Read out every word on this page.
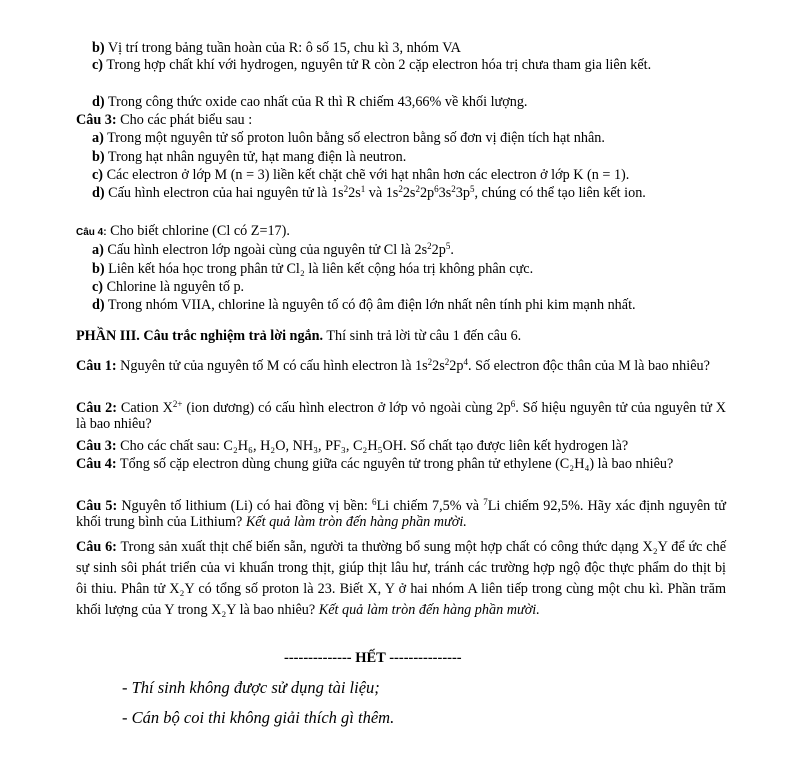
b) Vị trí trong bảng tuần hoàn của R: ô số 15, chu kì 3, nhóm VA
c) Trong hợp chất khí với hydrogen, nguyên tử R còn 2 cặp electron hóa trị chưa tham gia liên kết.
d) Trong công thức oxide cao nhất của R thì R chiếm 43,66% về khối lượng.
Câu 3: Cho các phát biểu sau :
a) Trong một nguyên tử số proton luôn bằng số electron bằng số đơn vị điện tích hạt nhân.
b) Trong hạt nhân nguyên tử, hạt mang điện là neutron.
c) Các electron ở lớp M (n = 3) liền kết chặt chẽ với hạt nhân hơn các electron ở lớp K (n = 1).
d) Cấu hình electron của hai nguyên tử là $1s^22s^1$ và $1s^22s^22p^63s^23p^5$, chúng có thể tạo liên kết ion.
Câu 4: Cho biết chlorine (Cl có Z=17).
a) Cấu hình electron lớp ngoài cùng của nguyên tử Cl là $2s^22p^5$.
b) Liên kết hóa học trong phân tử Cl₂ là liên kết cộng hóa trị không phân cực.
c) Chlorine là nguyên tố p.
d) Trong nhóm VIIA, chlorine là nguyên tố có độ âm điện lớn nhất nên tính phi kim mạnh nhất.
PHẦN III. Câu trắc nghiệm trả lời ngắn. Thí sinh trả lời từ câu 1 đến câu 6.
Câu 1: Nguyên tử của nguyên tố M có cấu hình electron là $1s^22s^22p^4$. Số electron độc thân của M là bao nhiêu?
Câu 2: Cation $X^{2+}$ (ion dương) có cấu hình electron ở lớp vỏ ngoài cùng $2p^6$. Số hiệu nguyên tử của nguyên tử X là bao nhiêu?
Câu 3: Cho các chất sau: C₂H₆, H₂O, NH₃, PF₃, C₂H₅OH. Số chất tạo được liên kết hydrogen là?
Câu 4: Tổng số cặp electron dùng chung giữa các nguyên tử trong phân tử ethylene (C₂H₄) là bao nhiêu?
Câu 5: Nguyên tố lithium (Li) có hai đồng vị bền: $^6$Li chiếm 7,5% và $^7$Li chiếm 92,5%. Hãy xác định nguyên tử khối trung bình của Lithium? Kết quả làm tròn đến hàng phần mười.
Câu 6: Trong sản xuất thịt chế biến sẵn, người ta thường bổ sung một hợp chất có công thức dạng X₂Y để ức chế sự sinh sôi phát triển của vi khuẩn trong thịt, giúp thịt lâu hư, tránh các trường hợp ngộ độc thực phẩm do thịt bị ôi thiu. Phân tử X₂Y có tổng số proton là 23. Biết X, Y ở hai nhóm A liên tiếp trong cùng một chu kì. Phần trăm khối lượng của Y trong X₂Y là bao nhiêu? Kết quả làm tròn đến hàng phần mười.
-------------- HẾT ---------------
- Thí sinh không được sử dụng tài liệu;
- Cán bộ coi thi không giải thích gì thêm.
